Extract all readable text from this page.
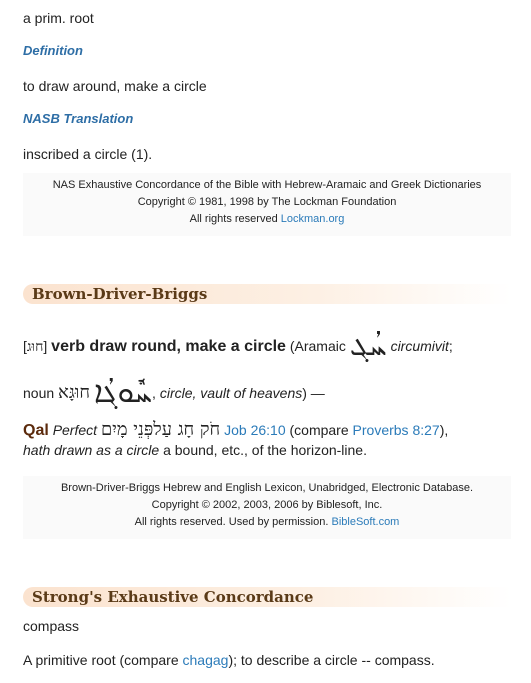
a prim. root
Definition
to draw around, make a circle
NASB Translation
inscribed a circle (1).
NAS Exhaustive Concordance of the Bible with Hebrew-Aramaic and Greek Dictionaries
Copyright © 1981, 1998 by The Lockman Foundation
All rights reserved Lockman.org
Brown-Driver-Briggs
[חוּג] verb draw round, make a circle (Aramaic ܚܳܓ circumivit;
noun ܚܽܘܓܳܐ חוּגָּא	, circle, vault of heavens) —
Qal Perfect חֹק חָג עַלפְּנֵי מָיִם Job 26:10 (compare Proverbs 8:27),
hath drawn as a circle a bound, etc., of the horizon-line.
Brown-Driver-Briggs Hebrew and English Lexicon, Unabridged, Electronic Database.
Copyright © 2002, 2003, 2006 by Biblesoft, Inc.
All rights reserved. Used by permission. BibleSoft.com
Strong's Exhaustive Concordance
compass
A primitive root (compare chagag); to describe a circle -- compass.
